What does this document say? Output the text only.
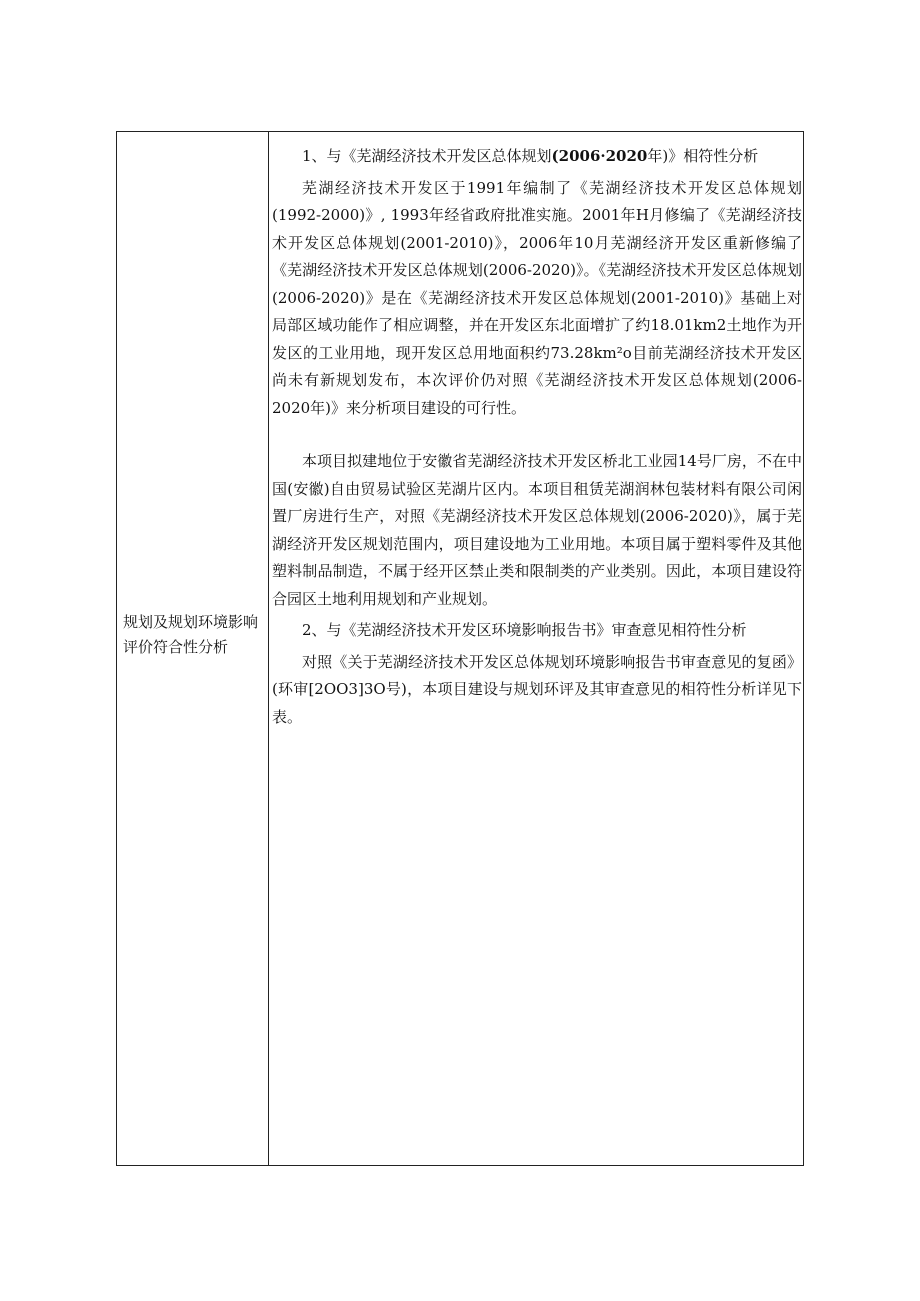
规划及规划环境影响评价符合性分析

1、与《芜湖经济技术开发区总体规划(2006·2020年)》相符性分析

芜湖经济技术开发区于1991年编制了《芜湖经济技术开发区总体规划(1992-2000)》, 1993年经省政府批准实施。2001年H月修编了《芜湖经济技术开发区总体规划(2001-2010)》，2006年10月芜湖经济开发区重新修编了《芜湖经济技术开发区总体规划(2006-2020)》。《芜湖经济技术开发区总体规划(2006-2020)》是在《芜湖经济技术开发区总体规划(2001-2010)》基础上对局部区域功能作了相应调整，并在开发区东北面增扩了约18.01km2土地作为开发区的工业用地，现开发区总用地面积约73.28km²o目前芜湖经济技术开发区尚未有新规划发布，本次评价仍对照《芜湖经济技术开发区总体规划(2006-2020年)》来分析项目建设的可行性。

本项目拟建地位于安徽省芜湖经济技术开发区桥北工业园14号厂房，不在中国(安徽)自由贸易试验区芜湖片区内。本项目租赁芜湖润林包装材料有限公司闲置厂房进行生产，对照《芜湖经济技术开发区总体规划(2006-2020)》，属于芜湖经济开发区规划范围内，项目建设地为工业用地。本项目属于塑料零件及其他塑料制品制造，不属于经开区禁止类和限制类的产业类别。因此，本项目建设符合园区土地利用规划和产业规划。

2、与《芜湖经济技术开发区环境影响报告书》审查意见相符性分析

对照《关于芜湖经济技术开发区总体规划环境影响报告书审查意见的复函》(环审[2OO3]3O号)，本项目建设与规划环评及其审查意见的相符性分析详见下表。
